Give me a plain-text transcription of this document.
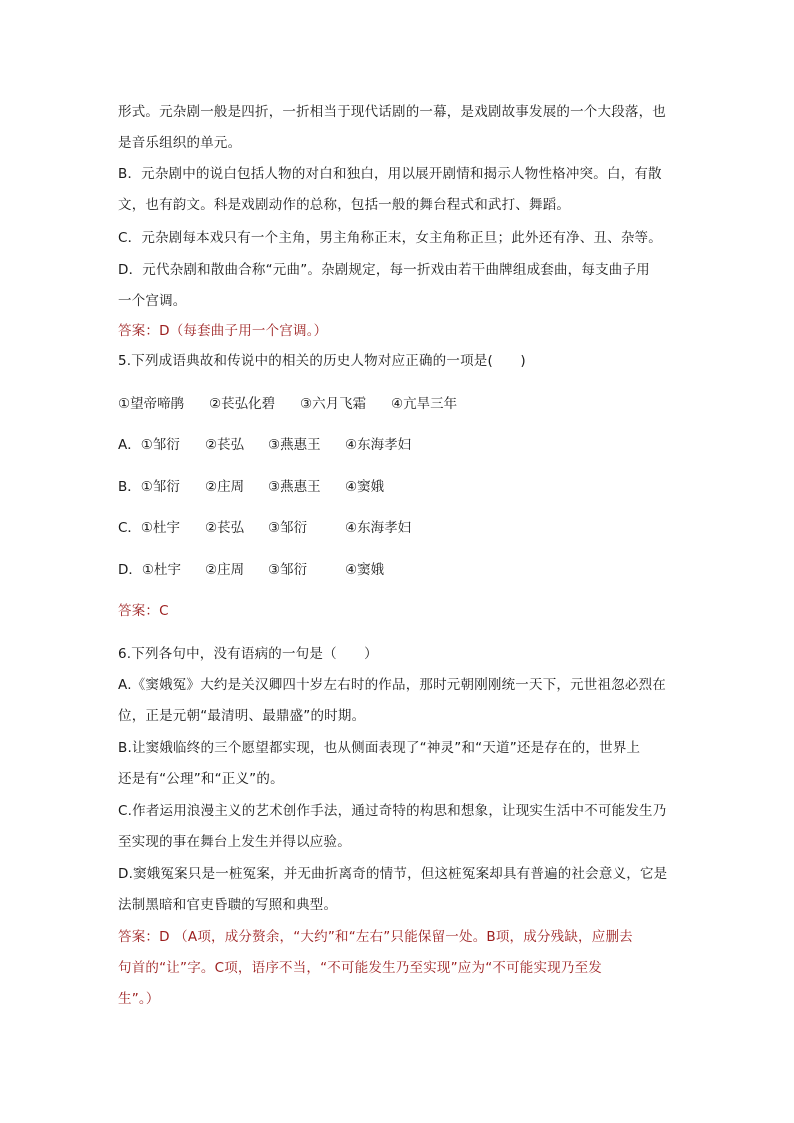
形式。元杂剧一般是四折，一折相当于现代话剧的一幕，是戏剧故事发展的一个大段落，也
是音乐组织的单元。
B．元杂剧中的说白包括人物的对白和独白，用以展开剧情和揭示人物性格冲突。白，有散
文，也有韵文。科是戏剧动作的总称，包括一般的舞台程式和武打、舞蹈。
C．元杂剧每本戏只有一个主角，男主角称正末，女主角称正旦；此外还有净、丑、杂等。
D．元代杂剧和散曲合称“元曲”。杂剧规定，每一折戏由若干曲牌组成套曲，每支曲子用
一个宫调。
答案：D（每套曲子用一个宫调。）
5.下列成语典故和传说中的相关的历史人物对应正确的一项是(　　)
①望帝啼鹃 ②苌弘化碧 ③六月飞霜 ④亢旱三年
A．①邹衍 ②苌弘 ③燕惠王 ④东海孝妇
B．①邹衍 ②庄周 ③燕惠王 ④窦娥
C．①杜宇 ②苌弘 ③邹衍	④东海孝妇
D．①杜宇 ②庄周 ③邹衍	④窦娥
答案：C
6.下列各句中，没有语病的一句是（　　）
A.《窦娥冤》大约是关汉卿四十岁左右时的作品，那时元朝刚刚统一天下，元世祖忽必烈在
位，正是元朝“最清明、最鼎盛”的时期。
B.让窦娥临终的三个愿望都实现，也从侧面表现了“神灵”和“天道”还是存在的，世界上
还是有“公理”和“正义”的。
C.作者运用浪漫主义的艺术创作手法，通过奇特的构思和想象，让现实生活中不可能发生乃
至实现的事在舞台上发生并得以应验。
D.窦娥冤案只是一桩冤案，并无曲折离奇的情节，但这桩冤案却具有普遍的社会意义，它是
法制黑暗和官吏昏聩的写照和典型。
答案：D （A项，成分赘余，“大约”和“左右”只能保留一处。B项，成分残缺，应删去
句首的“让”字。C项，语序不当，“不可能发生乃至实现”应为“不可能实现乃至发
生”。）
